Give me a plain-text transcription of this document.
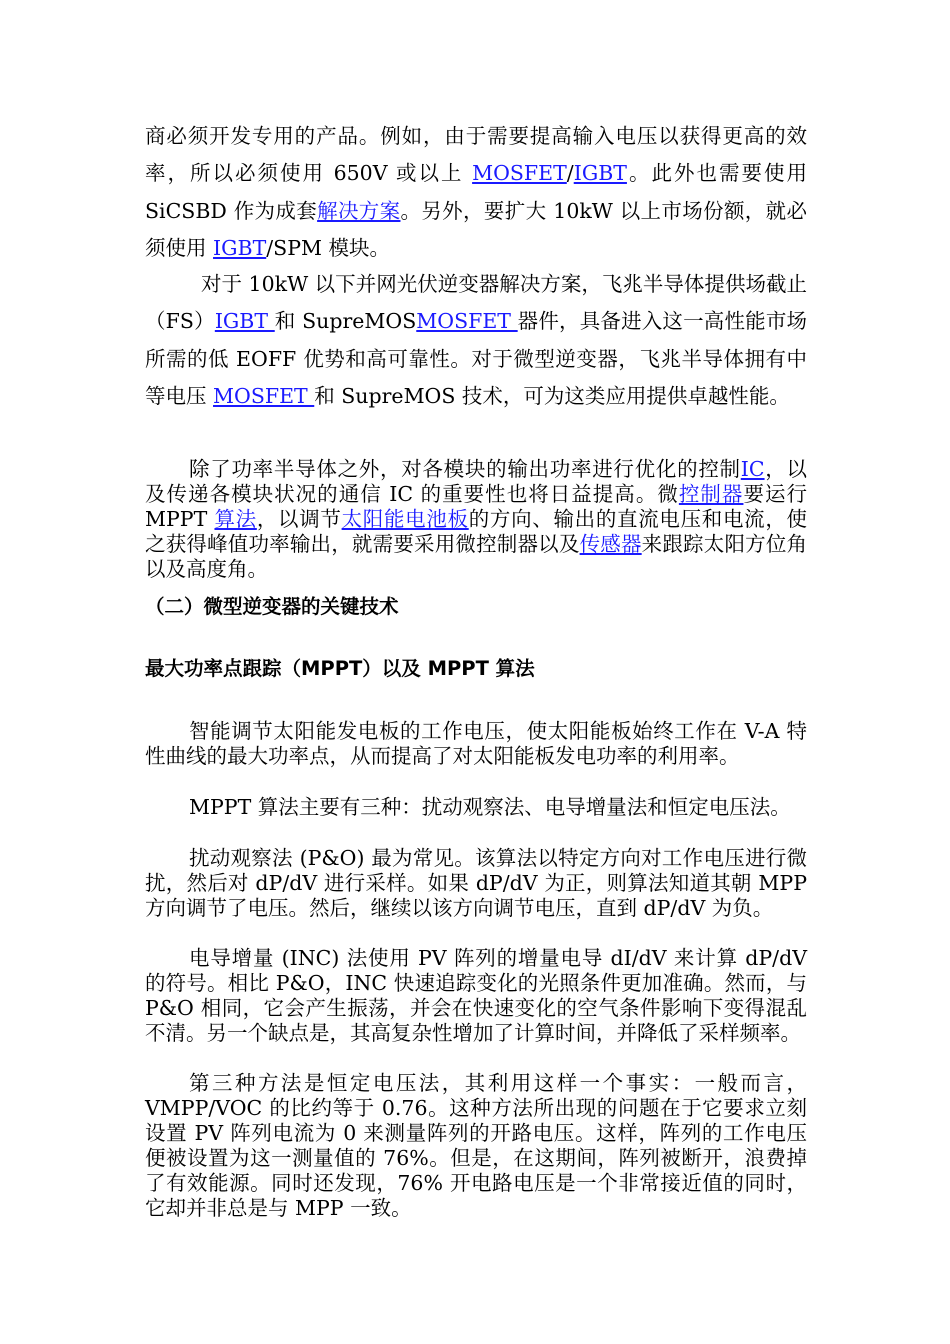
商必须开发专用的产品。例如，由于需要提高输入电压以获得更高的效率，所以必须使用 650V 或以上 MOSFET/IGBT。此外也需要使用 SiCSBD 作为成套解决方案。另外，要扩大 10kW 以上市场份额，就必须使用 IGBT/SPM 模块。

对于 10kW 以下并网光伏逆变器解决方案，飞兆半导体提供场截止（FS）IGBT 和 SupreMOSMOSFET 器件，具备进入这一高性能市场所需的低 EOFF 优势和高可靠性。对于微型逆变器，飞兆半导体拥有中等电压 MOSFET 和 SupreMOS 技术，可为这类应用提供卓越性能。

除了功率半导体之外，对各模块的输出功率进行优化的控制IC，以及传递各模块状况的通信 IC 的重要性也将日益提高。微控制器要运行 MPPT 算法，以调节太阳能电池板的方向、输出的直流电压和电流，使之获得峰值功率输出，就需要采用微控制器以及传感器来跟踪太阳方位角以及高度角。

（二）微型逆变器的关键技术
最大功率点跟踪（MPPT）以及 MPPT 算法

智能调节太阳能发电板的工作电压，使太阳能板始终工作在 V-A 特性曲线的最大功率点，从而提高了对太阳能板发电功率的利用率。

MPPT 算法主要有三种：扰动观察法、电导增量法和恒定电压法。

扰动观察法 (P&O) 最为常见。该算法以特定方向对工作电压进行微扰，然后对 dP/dV 进行采样。如果 dP/dV 为正，则算法知道其朝 MPP 方向调节了电压。然后，继续以该方向调节电压，直到 dP/dV 为负。

电导增量 (INC) 法使用 PV 阵列的增量电导 dI/dV 来计算 dP/dV 的符号。相比 P&O，INC 快速追踪变化的光照条件更加准确。然而，与 P&O 相同，它会产生振荡，并会在快速变化的空气条件影响下变得混乱不清。另一个缺点是，其高复杂性增加了计算时间，并降低了采样频率。

第三种方法是恒定电压法，其利用这样一个事实：一般而言，VMPP/VOC 的比约等于 0.76。这种方法所出现的问题在于它要求立刻设置 PV 阵列电流为 0 来测量阵列的开路电压。这样，阵列的工作电压便被设置为这一测量值的 76%。但是，在这期间，阵列被断开，浪费掉了有效能源。同时还发现，76% 开电路电压是一个非常接近值的同时，它却并非总是与 MPP 一致。
